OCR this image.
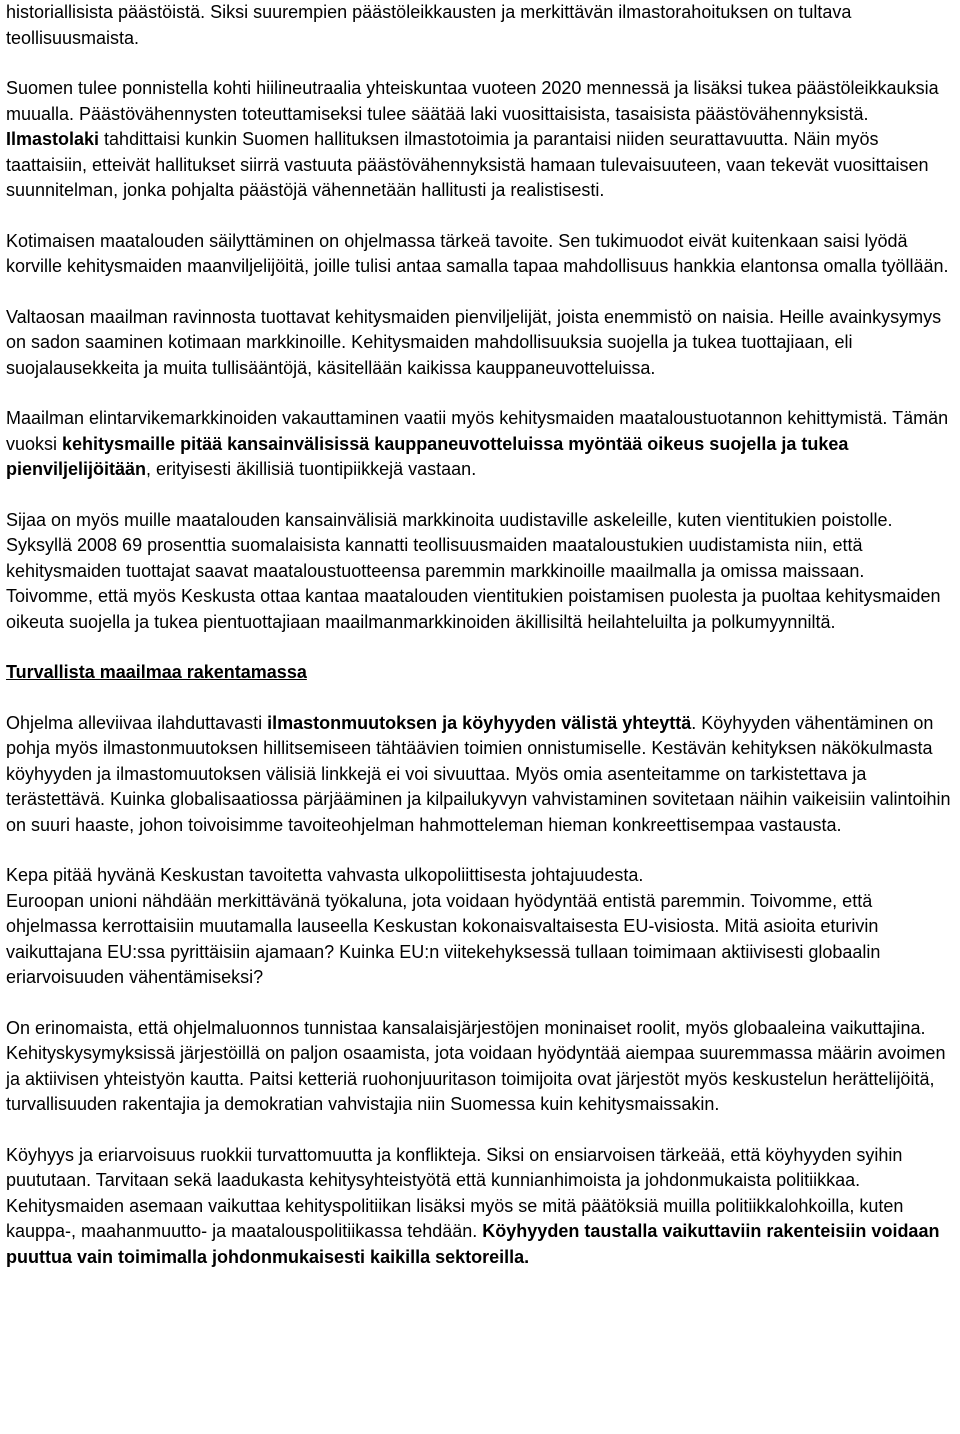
historiallisista päästöistä. Siksi suurempien päästöleikkausten ja merkittävän ilmastorahoituksen on tultava teollisuusmaista.

Suomen tulee ponnistella kohti hiilineutraalia yhteiskuntaa vuoteen 2020 mennessä ja lisäksi tukea päästöleikkauksia muualla. Päästövähennysten toteuttamiseksi tulee säätää laki vuosittaisista, tasaisista päästövähennyksistä. Ilmastolaki tahdittaisi kunkin Suomen hallituksen ilmastotoimia ja parantaisi niiden seurattavuutta. Näin myös taattaisiin, etteivät hallitukset siirrä vastuuta päästövähennyksistä hamaan tulevaisuuteen, vaan tekevät vuosittaisen suunnitelman, jonka pohjalta päästöjä vähennetään hallitusti ja realistisesti.

Kotimaisen maatalouden säilyttäminen on ohjelmassa tärkeä tavoite. Sen tukimuodot eivät kuitenkaan saisi lyödä korville kehitysmaiden maanviljelijöitä, joille tulisi antaa samalla tapaa mahdollisuus hankkia elantonsa omalla työllään.

Valtaosan maailman ravinnosta tuottavat kehitysmaiden pienviljelijät, joista enemmistö on naisia. Heille avainkysymys on sadon saaminen kotimaan markkinoille. Kehitysmaiden mahdollisuuksia suojella ja tukea tuottajiaan, eli suojalausekkeita ja muita tullisääntöjä, käsitellään kaikissa kauppaneuvotteluissa.

Maailman elintarvikemarkkinoiden vakauttaminen vaatii myös kehitysmaiden maataloustuotannon kehittymistä. Tämän vuoksi kehitysmaille pitää kansainvälisissä kauppaneuvotteluissa myöntää oikeus suojella ja tukea pienviljelijöitään, erityisesti äkillisiä tuontipiikkejä vastaan.

Sijaa on myös muille maatalouden kansainvälisiä markkinoita uudistaville askeleille, kuten vientitukien poistolle. Syksyllä 2008 69 prosenttia suomalaisista kannatti teollisuusmaiden maataloustukien uudistamista niin, että kehitysmaiden tuottajat saavat maataloustuotteensa paremmin markkinoille maailmalla ja omissa maissaan. Toivomme, että myös Keskusta ottaa kantaa maatalouden vientitukien poistamisen puolesta ja puoltaa kehitysmaiden oikeuta suojella ja tukea pientuottajiaan maailmanmarkkinoiden äkillisiltä heilahteluilta ja polkumyynniltä.

Turvallista maailmaa rakentamassa

Ohjelma alleviivaa ilahduttavasti ilmastonmuutoksen ja köyhyyden välistä yhteyttä. Köyhyyden vähentäminen on pohja myös ilmastonmuutoksen hillitsemiseen tähtäävien toimien onnistumiselle. Kestävän kehityksen näkökulmasta köyhyyden ja ilmastomuutoksen välisiä linkkejä ei voi sivuuttaa. Myös omia asenteitamme on tarkistettava ja terästettävä. Kuinka globalisaatiossa pärjääminen ja kilpailukyvyn vahvistaminen sovitetaan näihin vaikeisiin valintoihin on suuri haaste, johon toivoisimme tavoiteohjelman hahmotteleman hieman konkreettisempaa vastausta.

Kepa pitää hyvänä Keskustan tavoitetta vahvasta ulkopoliittisesta johtajuudesta.
Euroopan unioni nähdään merkittävänä työkaluna, jota voidaan hyödyntää entistä paremmin. Toivomme, että ohjelmassa kerrottaisiin muutamalla lauseella Keskustan kokonaisvaltaisesta EU-visiosta. Mitä asioita eturivin vaikuttajana EU:ssa pyrittäisiin ajamaan? Kuinka EU:n viitekehyksessä tullaan toimimaan aktiivisesti globaalin eriarvoisuuden vähentämiseksi?

On erinomaista, että ohjelmaluonnos tunnistaa kansalaisjärjestöjen moninaiset roolit, myös globaaleina vaikuttajina. Kehityskysymyksissä järjestöillä on paljon osaamista, jota voidaan hyödyntää aiempaa suuremmassa määrin avoimen ja aktiivisen yhteistyön kautta. Paitsi ketteriä ruohonjuuritason toimijoita ovat järjestöt myös keskustelun herättelijöitä, turvallisuuden rakentajia ja demokratian vahvistajia niin Suomessa kuin kehitysmaissakin.

Köyhyys ja eriarvoisuus ruokkii turvattomuutta ja konflikteja. Siksi on ensiarvoisen tärkeää, että köyhyyden syihin puututaan. Tarvitaan sekä laadukasta kehitysyhteistyötä että kunnianhimoista ja johdonmukaista politiikkaa. Kehitysmaiden asemaan vaikuttaa kehityspolitiikan lisäksi myös se mitä päätöksiä muilla politiikkalohkoilla, kuten kauppa-, maahanmuutto- ja maatalouspolitiikassa tehdään. Köyhyyden taustalla vaikuttaviin rakenteisiin voidaan puuttua vain toimimalla johdonmukaisesti kaikilla sektoreilla.
